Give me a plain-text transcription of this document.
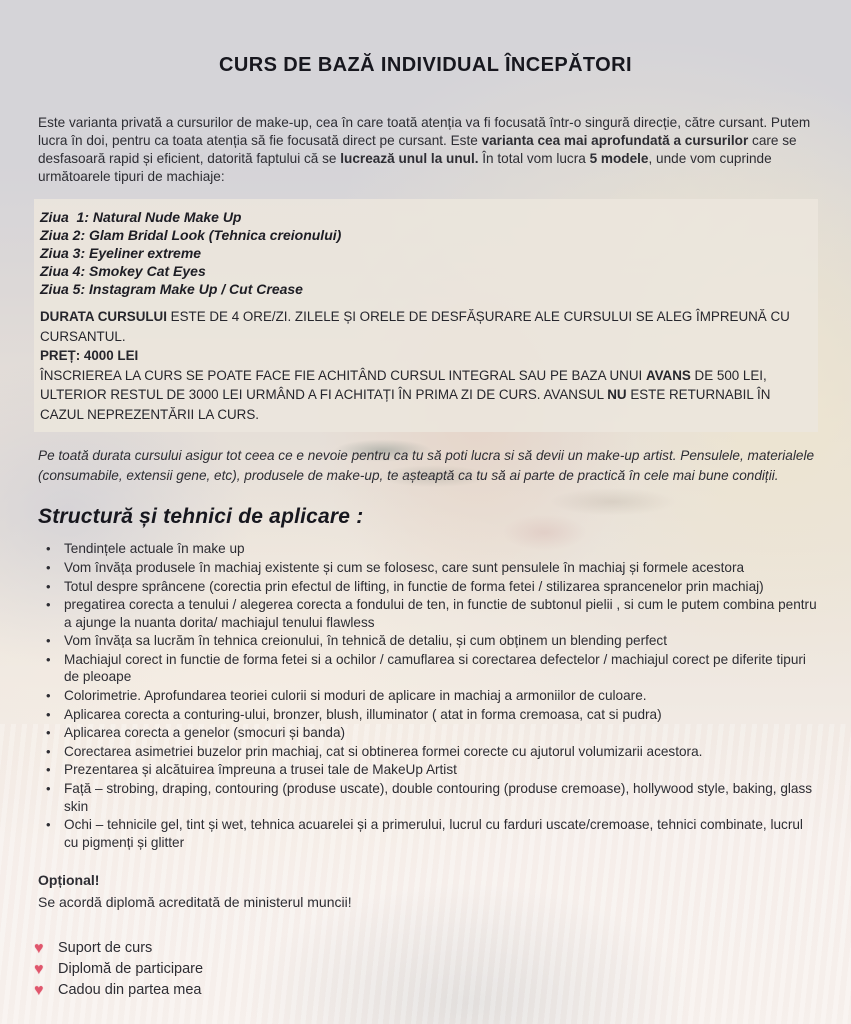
CURS DE BAZĂ INDIVIDUAL ÎNCEPĂTORI

Este varianta privată a cursurilor de make-up, cea în care toată atenția va fi focusată într-o singură direcție, către cursant. Putem lucra în doi, pentru ca toata atenția să fie focusată direct pe cursant. Este varianta cea mai aprofundată a cursurilor care se desfasoară rapid și eficient, datorită faptului că se lucrează unul la unul. În total vom lucra 5 modele, unde vom cuprinde următoarele tipuri de machiaje:

Ziua  1: Natural Nude Make Up
Ziua 2: Glam Bridal Look (Tehnica creionului)
Ziua 3: Eyeliner extreme
Ziua 4: Smokey Cat Eyes
Ziua 5: Instagram Make Up / Cut Crease

DURATA CURSULUI ESTE DE 4 ORE/ZI. ZILELE ȘI ORELE DE DESFĂȘURARE ALE CURSULUI SE ALEG ÎMPREUNĂ CU CURSANTUL.

PREȚ: 4000 LEI

ÎNSCRIEREA LA CURS SE POATE FACE FIE ACHITÂND CURSUL INTEGRAL SAU PE BAZA UNUI AVANS DE 500 LEI, ULTERIOR RESTUL DE 3000 LEI URMÂND A FI ACHITAȚI ÎN PRIMA ZI DE CURS. AVANSUL NU ESTE RETURNABIL ÎN CAZUL NEPREZENTĂRII LA CURS.

Pe toată durata cursului asigur tot ceea ce e nevoie pentru ca tu să poti lucra si să devii un make-up artist. Pensulele, materialele (consumabile, extensii gene, etc), produsele de make-up, te așteaptă ca tu să ai parte de practică în cele mai bune condiții.

Structură și tehnici de aplicare :
• Tendințele actuale în make up
• Vom învăța produsele în machiaj existente și cum se folosesc, care sunt pensulele în machiaj și formele acestora
• Totul despre sprâncene (corectia prin efectul de lifting, in functie de forma fetei / stilizarea sprancenelor prin machiaj)
• pregatirea corecta a tenului / alegerea corecta a fondului de ten, in functie de subtonul pielii , si cum le putem combina pentru a ajunge la nuanta dorita/ machiajul tenului flawless
• Vom învăța sa lucrăm în tehnica creionului, în tehnică de detaliu, și cum obținem un blending perfect
• Machiajul corect in functie de forma fetei si a ochilor / camuflarea si corectarea defectelor / machiajul corect pe diferite tipuri de pleoape
• Colorimetrie. Aprofundarea teoriei culorii si moduri de aplicare in machiaj a armoniilor de culoare.
• Aplicarea corecta a conturing-ului, bronzer, blush, illuminator ( atat in forma cremoasa, cat si pudra)
• Aplicarea corecta a genelor (smocuri și banda)
• Corectarea asimetriei buzelor prin machiaj, cat si obtinerea formei corecte cu ajutorul volumizarii acestora.
• Prezentarea și alcătuirea împreuna a trusei tale de MakeUp Artist
• Față – strobing, draping, contouring (produse uscate), double contouring (produse cremoase), hollywood style, baking, glass skin
• Ochi – tehnicile gel, tint și wet, tehnica acuarelei și a primerului, lucrul cu farduri uscate/cremoase, tehnici combinate, lucrul cu pigmenți și glitter

Opțional!

Se acordă diplomă acreditată de ministerul muncii!

♥	Suport de curs
♥	Diplomă de participare
♥	Cadou din partea mea
